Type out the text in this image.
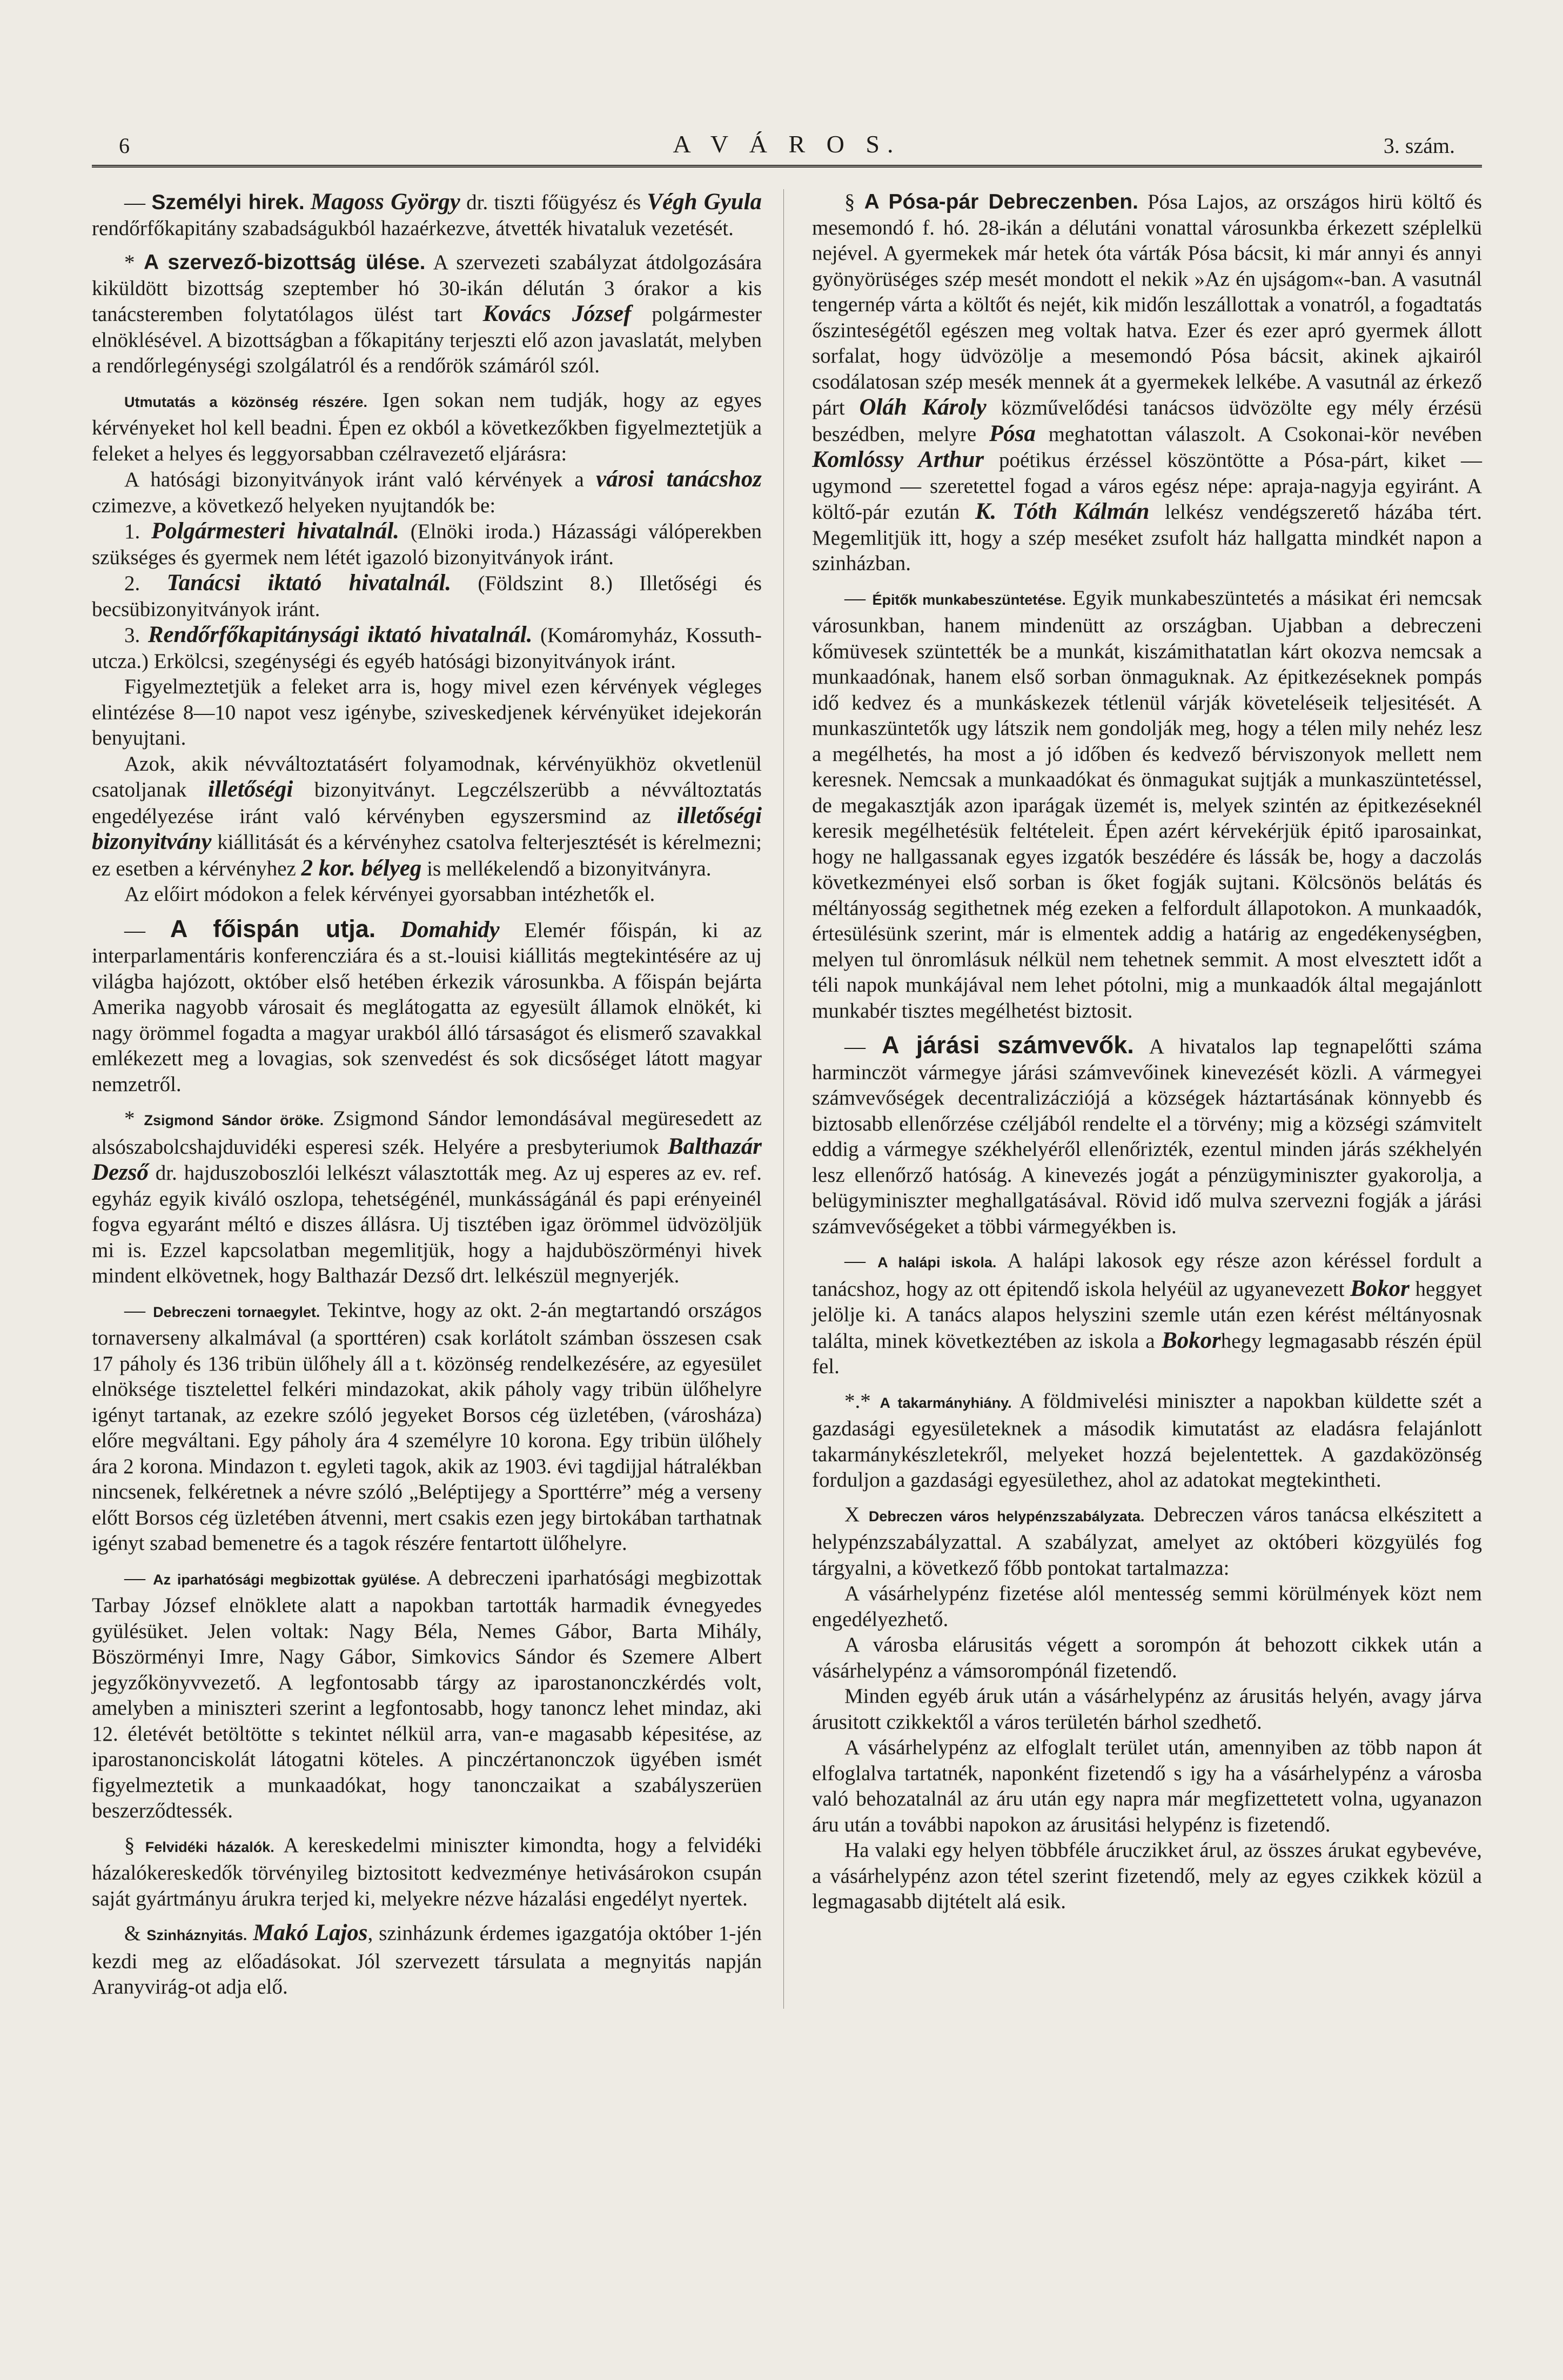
6	A V Á R O S.	3. szám.

— Személyi hirek. Magoss György dr. tiszti főügyész és Végh Gyula rendőrfőkapitány szabadságukból hazaérkezve, átvették hivataluk vezetését.

* A szervező-bizottság ülése. A szervezeti szabályzat átdolgozására kiküldött bizottság szeptember hó 30-ikán délután 3 órakor a kis tanácsteremben folytatólagos ülést tart Kovács József polgármester elnöklésével. A bizottságban a főkapitány terjeszti elő azon javaslatát, melyben a rendőrlegénységi szolgálatról és a rendőrök számáról szól.

Utmutatás a közönség részére. Igen sokan nem tudják, hogy az egyes kérvényeket hol kell beadni. Épen ez okból a következőkben figyelmeztetjük a feleket a helyes és leggyorsabban czélravezető eljárásra:

A hatósági bizonyitványok iránt való kérvények a városi tanácshoz czimezve, a következő helyeken nyujtandók be:

1. Polgármesteri hivatalnál. (Elnöki iroda.) Házassági válóperekben szükséges és gyermek nem létét igazoló bizonyitványok iránt.

2. Tanácsi iktató hivatalnál. (Földszint 8.) Illetőségi és becsübizonyitványok iránt.

3. Rendőrfőkapitánysági iktató hivatalnál. (Komáromyház, Kossuth-utcza.) Erkölcsi, szegénységi és egyéb hatósági bizonyitványok iránt.

Figyelmeztetjük a feleket arra is, hogy mivel ezen kérvények végleges elintézése 8—10 napot vesz igénybe, sziveskedjenek kérvényüket idejekorán benyujtani.

Azok, akik névváltoztatásért folyamodnak, kérvényükhöz okvetlenül csatoljanak illetőségi bizonyitványt. Legczélszerübb a névváltoztatás engedélyezése iránt való kérvényben egyszersmind az illetőségi bizonyitvány kiállitását és a kérvényhez csatolva felterjesztését is kérelmezni; ez esetben a kérvényhez 2 kor. bélyeg is mellékelendő a bizonyitványra.

Az előirt módokon a felek kérvényei gyorsabban intézhetők el.

— A főispán utja. Domahidy Elemér főispán, ki az interparlamentáris konferencziára és a st.-louisi kiállitás megtekintésére az uj világba hajózott, október első hetében érkezik városunkba. A főispán bejárta Amerika nagyobb városait és meglátogatta az egyesült államok elnökét, ki nagy örömmel fogadta a magyar urakból álló társaságot és elismerő szavakkal emlékezett meg a lovagias, sok szenvedést és sok dicsőséget látott magyar nemzetről.

* Zsigmond Sándor öröke. Zsigmond Sándor lemondásával megüresedett az alsószabolcshajduvidéki esperesi szék. Helyére a presbyteriumok Balthazár Dezső dr. hajduszoboszlói lelkészt választották meg. Az uj esperes az ev. ref. egyház egyik kiváló oszlopa, tehetségénél, munkásságánál és papi erényeinél fogva egyaránt méltó e diszes állásra. Uj tisztében igaz örömmel üdvözöljük mi is. Ezzel kapcsolatban megemlitjük, hogy a hajduböszörményi hivek mindent elkövetnek, hogy Balthazár Dezső drt. lelkészül megnyerjék.

— Debreczeni tornaegylet. Tekintve, hogy az okt. 2-án megtartandó országos tornaverseny alkalmával (a sporttéren) csak korlátolt számban összesen csak 17 páholy és 136 tribün ülőhely áll a t. közönség rendelkezésére, az egyesület elnöksége tisztelettel felkéri mindazokat, akik páholy vagy tribün ülőhelyre igényt tartanak, az ezekre szóló jegyeket Borsos cég üzletében, (városháza) előre megváltani. Egy páholy ára 4 személyre 10 korona. Egy tribün ülőhely ára 2 korona. Mindazon t. egyleti tagok, akik az 1903. évi tagdijjal hátralékban nincsenek, felkéretnek a névre szóló „Beléptijegy a Sporttérre” még a verseny előtt Borsos cég üzletében átvenni, mert csakis ezen jegy birtokában tarthatnak igényt szabad bemenetre és a tagok részére fentartott ülőhelyre.

— Az iparhatósági megbizottak gyülése. A debreczeni iparhatósági megbizottak Tarbay József elnöklete alatt a napokban tartották harmadik évnegyedes gyülésüket. Jelen voltak: Nagy Béla, Nemes Gábor, Barta Mihály, Böszörményi Imre, Nagy Gábor, Simkovics Sándor és Szemere Albert jegyzőkönyvvezető. A legfontosabb tárgy az iparostanonczkérdés volt, amelyben a miniszteri szerint a legfontosabb, hogy tanoncz lehet mindaz, aki 12. életévét betöltötte s tekintet nélkül arra, van-e magasabb képesitése, az iparostanonciskolát látogatni köteles. A pinczértanonczok ügyében ismét figyelmeztetik a munkaadókat, hogy tanonczaikat a szabályszerüen beszerződtessék.

§ Felvidéki házalók. A kereskedelmi miniszter kimondta, hogy a felvidéki házalókereskedők törvényileg biztositott kedvezménye hetivásárokon csupán saját gyártmányu árukra terjed ki, melyekre nézve házalási engedélyt nyertek.

& Szinháznyitás. Makó Lajos, szinházunk érdemes igazgatója október 1-jén kezdi meg az előadásokat. Jól szervezett társulata a megnyitás napján Aranyvirág-ot adja elő.

§ A Pósa-pár Debreczenben. Pósa Lajos, az országos hirü költő és mesemondó f. hó. 28-ikán a délutáni vonattal városunkba érkezett széplelkü nejével. A gyermekek már hetek óta várták Pósa bácsit, ki már annyi és annyi gyönyörüséges szép mesét mondott el nekik »Az én ujságom«-ban. A vasutnál tengernép várta a költőt és nejét, kik midőn leszállottak a vonatról, a fogadtatás őszinteségétől egészen meg voltak hatva. Ezer és ezer apró gyermek állott sorfalat, hogy üdvözölje a mesemondó Pósa bácsit, akinek ajkairól csodálatosan szép mesék mennek át a gyermekek lelkébe. A vasutnál az érkező párt Oláh Károly közművelődési tanácsos üdvözölte egy mély érzésü beszédben, melyre Pósa meghatottan válaszolt. A Csokonai-kör nevében Komlóssy Arthur poétikus érzéssel köszöntötte a Pósa-párt, kiket — ugymond — szeretettel fogad a város egész népe: apraja-nagyja egyiránt. A költő-pár ezután K. Tóth Kálmán lelkész vendégszerető házába tért. Megemlitjük itt, hogy a szép meséket zsufolt ház hallgatta mindkét napon a szinházban.

— Épitők munkabeszüntetése. Egyik munkabeszüntetés a másikat éri nemcsak városunkban, hanem mindenütt az országban. Ujabban a debreczeni kőmüvesek szüntették be a munkát, kiszámithatatlan kárt okozva nemcsak a munkaadónak, hanem első sorban önmaguknak. Az épitkezéseknek pompás idő kedvez és a munkáskezek tétlenül várják követeléseik teljesitését. A munkaszüntetők ugy látszik nem gondolják meg, hogy a télen mily nehéz lesz a megélhetés, ha most a jó időben és kedvező bérviszonyok mellett nem keresnek. Nemcsak a munkaadókat és önmagukat sujtják a munkaszüntetéssel, de megakasztják azon iparágak üzemét is, melyek szintén az épitkezéseknél keresik megélhetésük feltételeit. Épen azért kérvekérjük épitő iparosainkat, hogy ne hallgassanak egyes izgatók beszédére és lássák be, hogy a daczolás következményei első sorban is őket fogják sujtani. Kölcsönös belátás és méltányosság segithetnek még ezeken a felfordult állapotokon. A munkaadók, értesülésünk szerint, már is elmentek addig a határig az engedékenységben, melyen tul önromlásuk nélkül nem tehetnek semmit. A most elvesztett időt a téli napok munkájával nem lehet pótolni, mig a munkaadók által megajánlott munkabér tisztes megélhetést biztosit.

— A járási számvevők. A hivatalos lap tegnapelőtti száma harminczöt vármegye járási számvevőinek kinevezését közli. A vármegyei számvevőségek decentralizácziójá a községek háztartásának könnyebb és biztosabb ellenőrzése czéljából rendelte el a törvény; mig a községi számvitelt eddig a vármegye székhelyéről ellenőrizték, ezentul minden járás székhelyén lesz ellenőrző hatóság. A kinevezés jogát a pénzügyminiszter gyakorolja, a belügyminiszter meghallgatásával. Rövid idő mulva szervezni fogják a járási számvevőségeket a többi vármegyékben is.

— A halápi iskola. A halápi lakosok egy része azon kéréssel fordult a tanácshoz, hogy az ott épitendő iskola helyéül az ugyanevezett Bokor heggyet jelölje ki. A tanács alapos helyszini szemle után ezen kérést méltányosnak találta, minek következtében az iskola a Bokorhegy legmagasabb részén épül fel.

*.* A takarmányhiány. A földmivelési miniszter a napokban küldette szét a gazdasági egyesületeknek a második kimutatást az eladásra felajánlott takarmánykészletekről, melyeket hozzá bejelentettek. A gazdaközönség forduljon a gazdasági egyesülethez, ahol az adatokat megtekintheti.

X Debreczen város helypénzszabályzata. Debreczen város tanácsa elkészitett a helypénzszabályzattal. A szabályzat, amelyet az októberi közgyülés fog tárgyalni, a következő főbb pontokat tartalmazza:

A vásárhelypénz fizetése alól mentesség semmi körülmények közt nem engedélyezhető.

A városba elárusitás végett a sorompón át behozott cikkek után a vásárhelypénz a vámsorompónál fizetendő.

Minden egyéb áruk után a vásárhelypénz az árusitás helyén, avagy járva árusitott czikkektől a város területén bárhol szedhető.

A vásárhelypénz az elfoglalt terület után, amennyiben az több napon át elfoglalva tartatnék, naponként fizetendő s igy ha a vásárhelypénz a városba való behozatalnál az áru után egy napra már megfizettetett volna, ugyanazon áru után a további napokon az árusitási helypénz is fizetendő.

Ha valaki egy helyen többféle áruczikket árul, az összes árukat egybevéve, a vásárhelypénz azon tétel szerint fizetendő, mely az egyes czikkek közül a legmagasabb dijtételt alá esik.
